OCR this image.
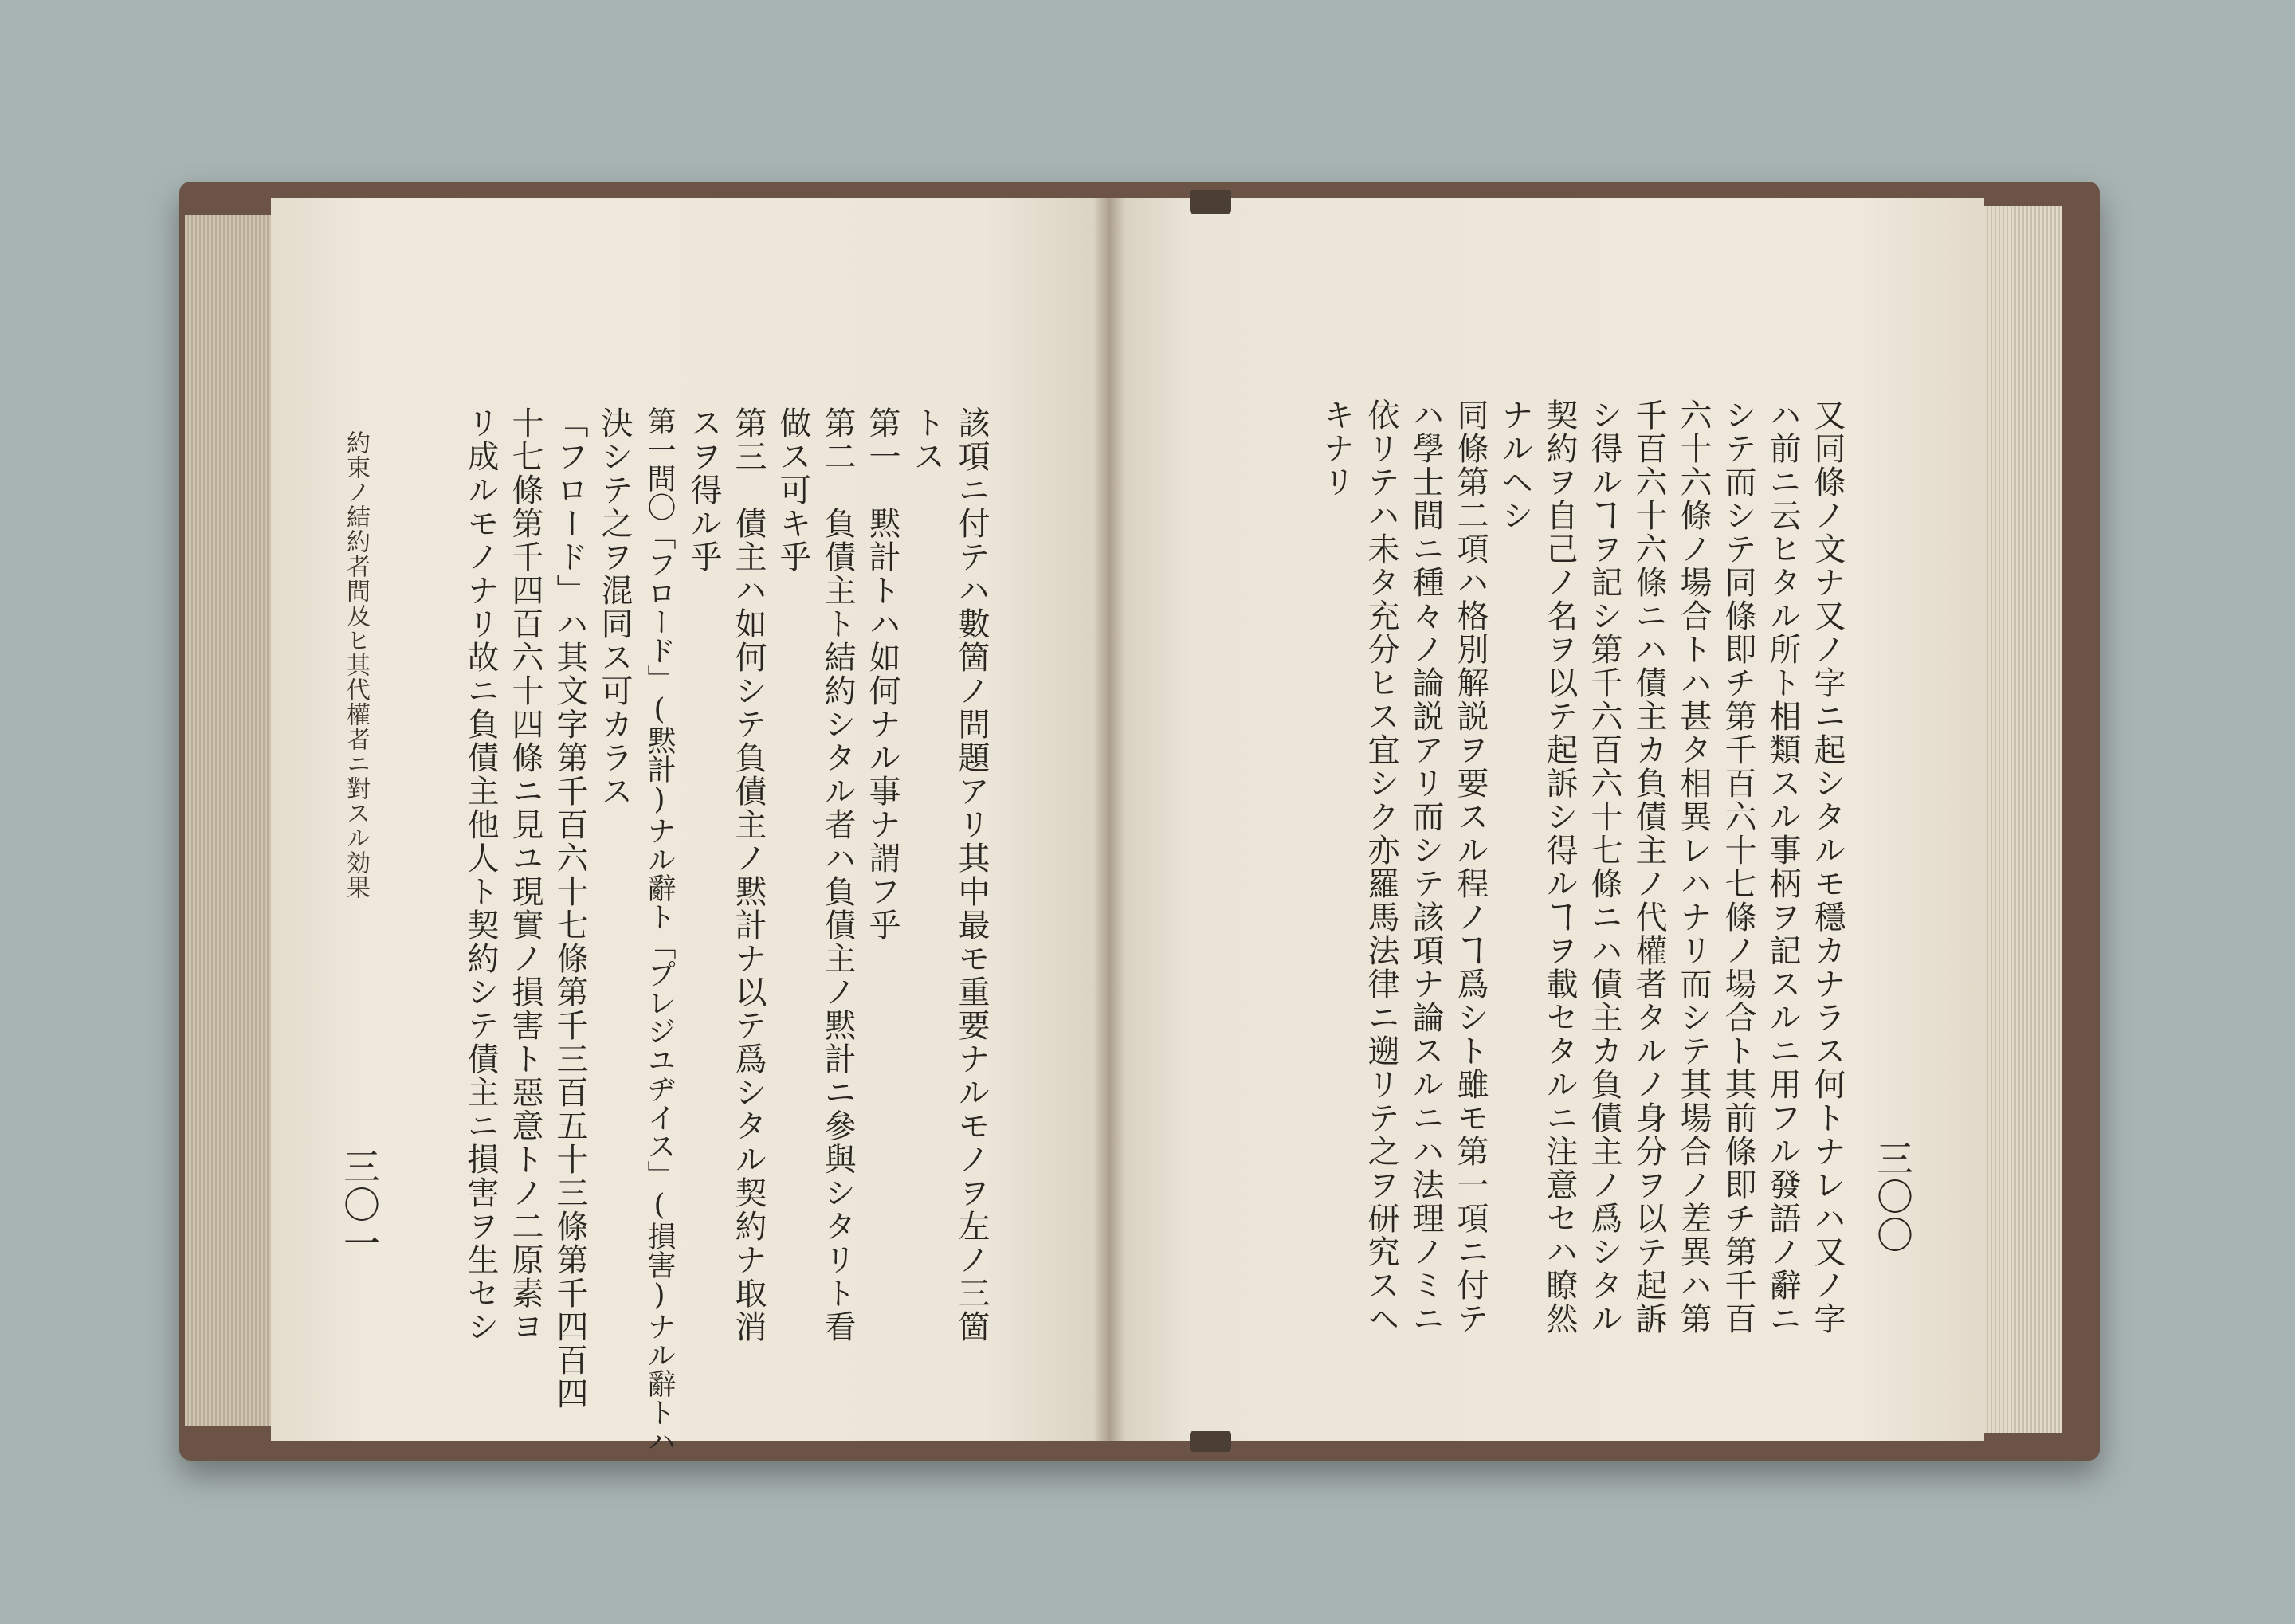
三〇〇
又同條ノ文ナ又ノ字ニ起シタルモ穩カナラス何トナレハ又ノ字
ハ前ニ云ヒタル所ト相類スル事柄ヲ記スルニ用フル發語ノ辭ニ
シテ而シテ同條即チ第千百六十七條ノ場合ト其前條即チ第千百
六十六條ノ場合トハ甚タ相異レハナリ而シテ其場合ノ差異ハ第
千百六十六條ニハ債主カ負債主ノ代權者タルノ身分ヲ以テ起訴
シ得ルヿヲ記シ第千六百六十七條ニハ債主カ負債主ノ爲シタル
契約ヲ自己ノ名ヲ以テ起訴シ得ルヿヲ載セタルニ注意セハ瞭然
ナルヘシ
同條第二項ハ格別解説ヲ要スル程ノヿ爲シト雖モ第一項ニ付テ
ハ學士間ニ種々ノ論説アリ而シテ該項ナ論スルニハ法理ノミニ
依リテハ未タ充分ヒス宜シク亦羅馬法律ニ遡リテ之ヲ研究スヘ
キナリ
該項ニ付テハ數箇ノ問題アリ其中最モ重要ナルモノヲ左ノ三箇
トス
第一　黙計トハ如何ナル事ナ謂フ乎
第二　負債主ト結約シタル者ハ負債主ノ黙計ニ參與シタリト看
做ス可キ乎
第三　債主ハ如何シテ負債主ノ黙計ナ以テ爲シタル契約ナ取消
スヲ得ル乎
第一問〇「フロード」(黙計)ナル辭ト「プレジユヂイス」(損害)ナル辭トハ
決シテ之ヲ混同ス可カラス
「フロード」ハ其文字第千百六十七條第千三百五十三條第千四百四
十七條第千四百六十四條ニ見ユ現實ノ損害ト惡意トノ二原素ヨ
リ成ルモノナリ故ニ負債主他人ト契約シテ債主ニ損害ヲ生セシ
約束ノ結約者間及ヒ其代權者ニ對スル効果
三〇一
